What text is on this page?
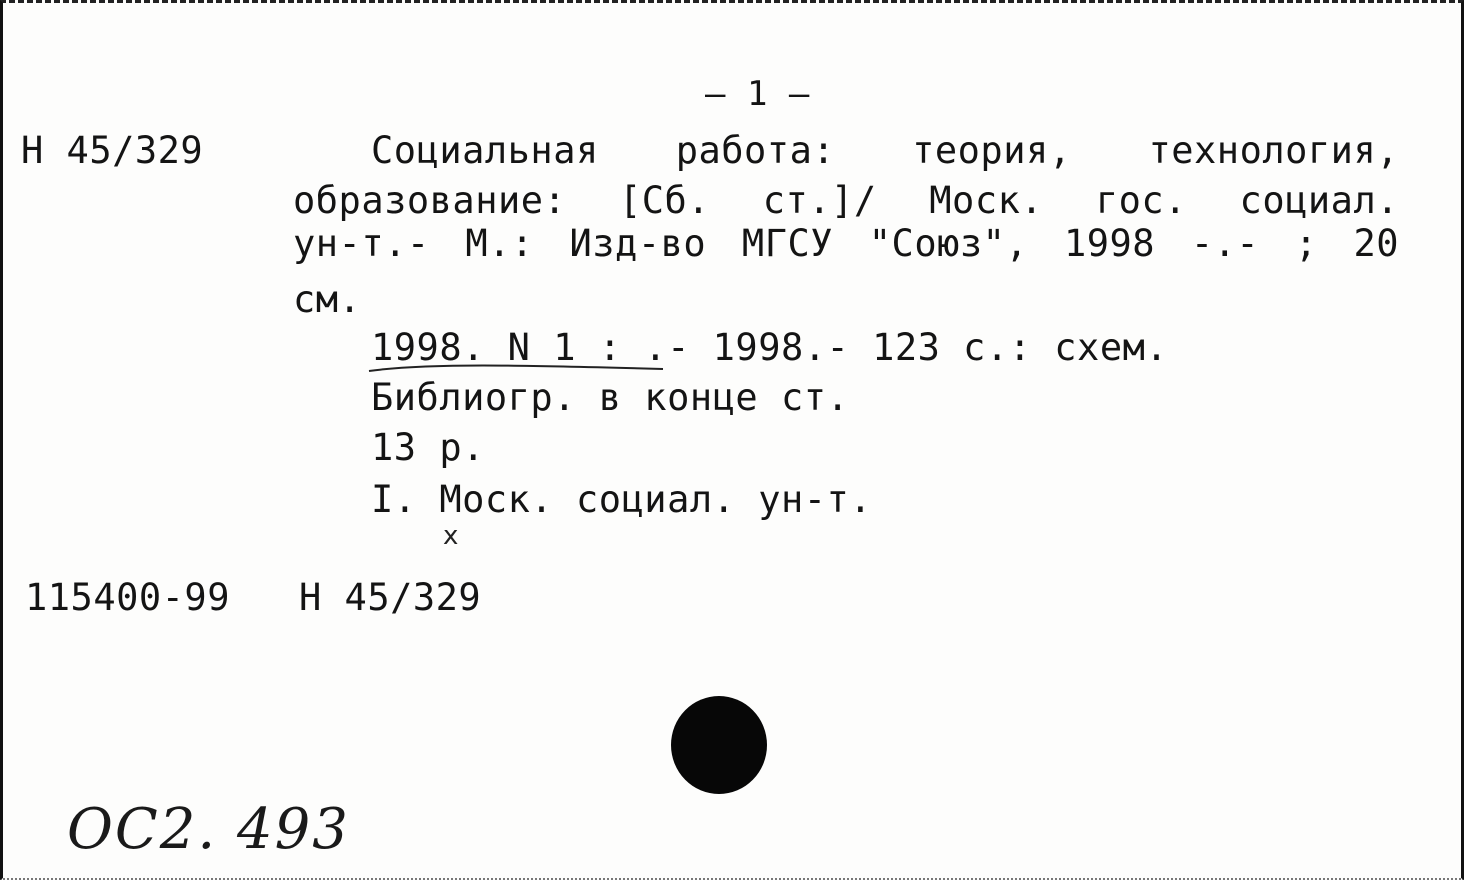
– 1 –
Н 45/329	Социальная работа: теория, технология,
образование: [Сб. ст.]/ Моск. гос. социал.
ун-т.- М.: Изд-во МГСУ "Союз", 1998 -.- ; 20
см.
1998. N 1 : .- 1998.- 123 с.: схем.
Библиогр. в конце ст.
13 р.
I. Моск. социал. ун-т.
x
115400-99 Н 45/329
ОС2. 493
